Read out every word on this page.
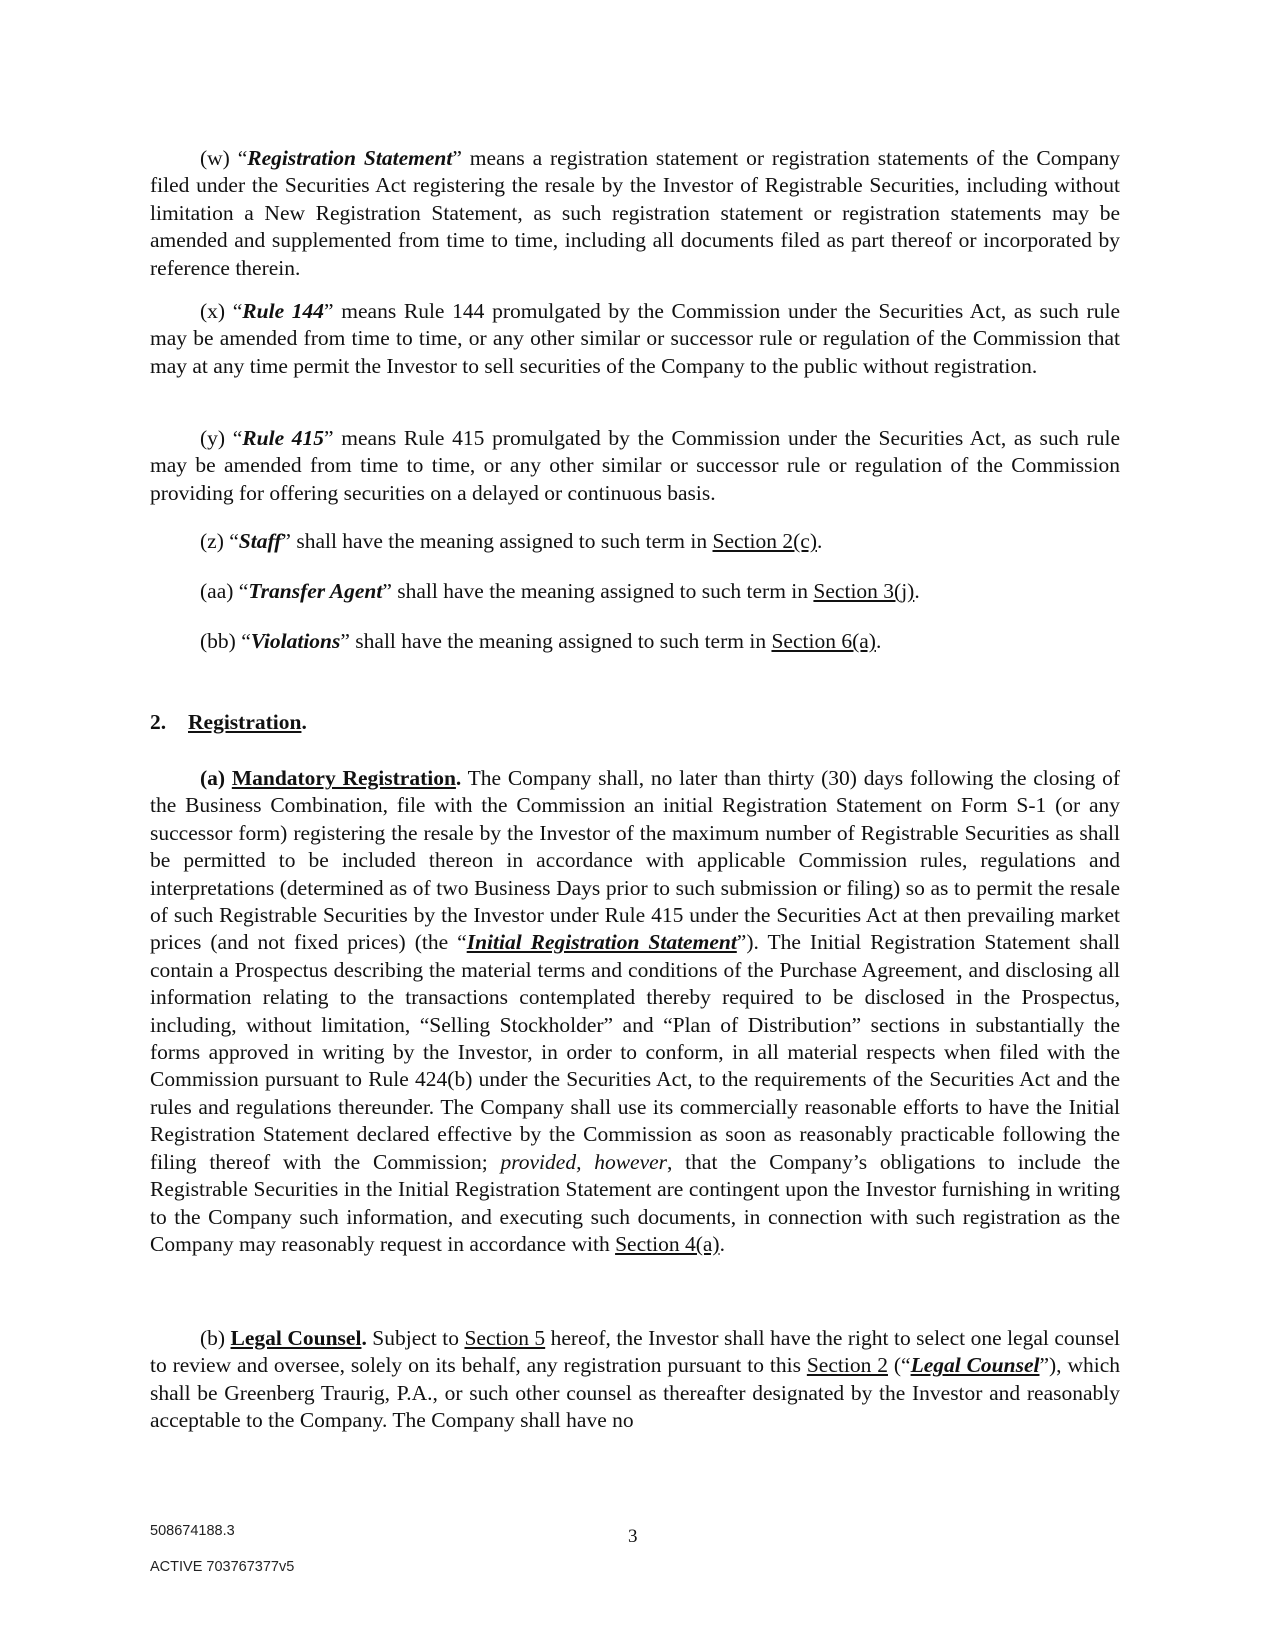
(w) “Registration Statement” means a registration statement or registration statements of the Company filed under the Securities Act registering the resale by the Investor of Registrable Securities, including without limitation a New Registration Statement, as such registration statement or registration statements may be amended and supplemented from time to time, including all documents filed as part thereof or incorporated by reference therein.

(x) “Rule 144” means Rule 144 promulgated by the Commission under the Securities Act, as such rule may be amended from time to time, or any other similar or successor rule or regulation of the Commission that may at any time permit the Investor to sell securities of the Company to the public without registration.

(y) “Rule 415” means Rule 415 promulgated by the Commission under the Securities Act, as such rule may be amended from time to time, or any other similar or successor rule or regulation of the Commission providing for offering securities on a delayed or continuous basis.

(z) “Staff” shall have the meaning assigned to such term in Section 2(c).

(aa) “Transfer Agent” shall have the meaning assigned to such term in Section 3(j).

(bb) “Violations” shall have the meaning assigned to such term in Section 6(a).

2. Registration.

(a) Mandatory Registration. The Company shall, no later than thirty (30) days following the closing of the Business Combination, file with the Commission an initial Registration Statement on Form S-1 (or any successor form) registering the resale by the Investor of the maximum number of Registrable Securities as shall be permitted to be included thereon in accordance with applicable Commission rules, regulations and interpretations (determined as of two Business Days prior to such submission or filing) so as to permit the resale of such Registrable Securities by the Investor under Rule 415 under the Securities Act at then prevailing market prices (and not fixed prices) (the “Initial Registration Statement”). The Initial Registration Statement shall contain a Prospectus describing the material terms and conditions of the Purchase Agreement, and disclosing all information relating to the transactions contemplated thereby required to be disclosed in the Prospectus, including, without limitation, “Selling Stockholder” and “Plan of Distribution” sections in substantially the forms approved in writing by the Investor, in order to conform, in all material respects when filed with the Commission pursuant to Rule 424(b) under the Securities Act, to the requirements of the Securities Act and the rules and regulations thereunder. The Company shall use its commercially reasonable efforts to have the Initial Registration Statement declared effective by the Commission as soon as reasonably practicable following the filing thereof with the Commission; provided, however, that the Company’s obligations to include the Registrable Securities in the Initial Registration Statement are contingent upon the Investor furnishing in writing to the Company such information, and executing such documents, in connection with such registration as the Company may reasonably request in accordance with Section 4(a).

(b) Legal Counsel. Subject to Section 5 hereof, the Investor shall have the right to select one legal counsel to review and oversee, solely on its behalf, any registration pursuant to this Section 2 (“Legal Counsel”), which shall be Greenberg Traurig, P.A., or such other counsel as thereafter designated by the Investor and reasonably acceptable to the Company. The Company shall have no

508674188.3	3
ACTIVE 703767377v5
